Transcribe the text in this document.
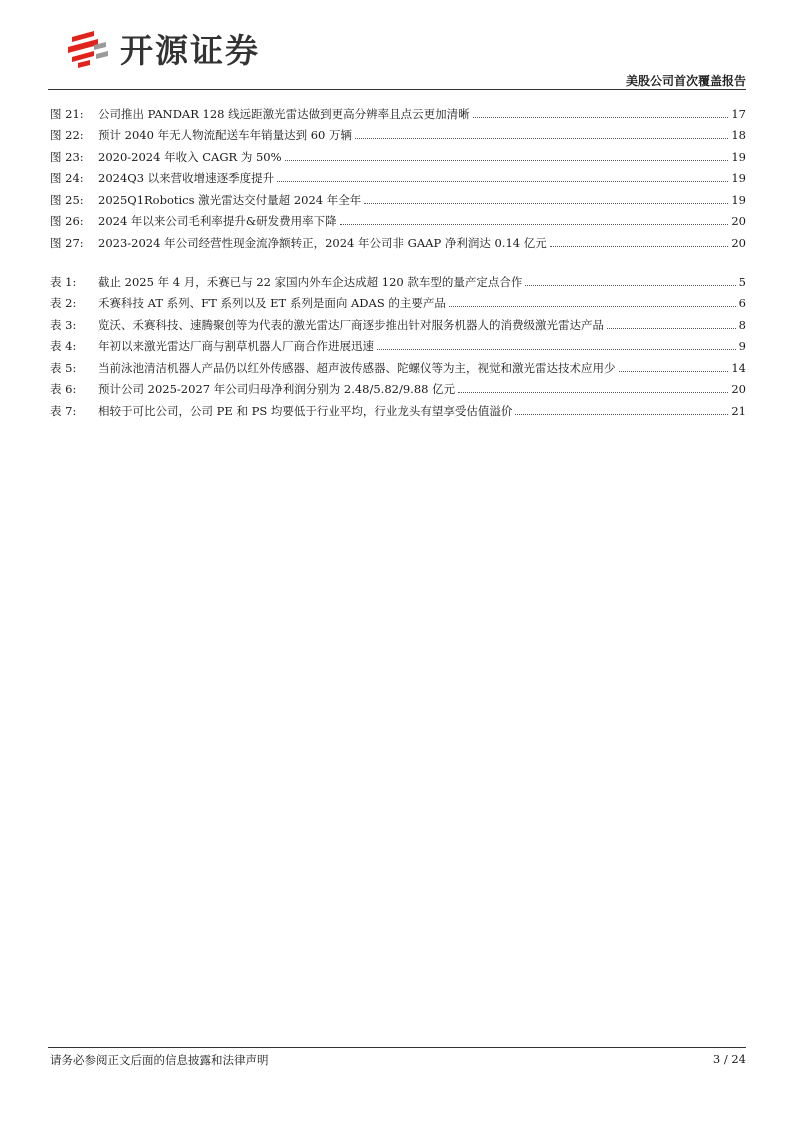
开源证券
美股公司首次覆盖报告
图 21:	公司推出 PANDAR 128 线远距激光雷达做到更高分辨率且点云更加清晰	17
图 22:	预计 2040 年无人物流配送车年销量达到 60 万辆	18
图 23:	2020-2024 年收入 CAGR 为 50%	19
图 24:	2024Q3 以来营收增速逐季度提升	19
图 25:	2025Q1Robotics 激光雷达交付量超 2024 年全年	19
图 26:	2024 年以来公司毛利率提升&研发费用率下降	20
图 27:	2023-2024 年公司经营性现金流净额转正，2024 年公司非 GAAP 净利润达 0.14 亿元	20
表 1:	截止 2025 年 4 月，禾赛已与 22 家国内外车企达成超 120 款车型的量产定点合作	5
表 2:	禾赛科技 AT 系列、FT 系列以及 ET 系列是面向 ADAS 的主要产品	6
表 3:	览沃、禾赛科技、速腾聚创等为代表的激光雷达厂商逐步推出针对服务机器人的消费级激光雷达产品	8
表 4:	年初以来激光雷达厂商与割草机器人厂商合作进展迅速	9
表 5:	当前泳池清洁机器人产品仍以红外传感器、超声波传感器、陀螺仪等为主，视觉和激光雷达技术应用少	14
表 6:	预计公司 2025-2027 年公司归母净利润分别为 2.48/5.82/9.88 亿元	20
表 7:	相较于可比公司，公司 PE 和 PS 均要低于行业平均，行业龙头有望享受估值溢价	21
请务必参阅正文后面的信息披露和法律声明	3 / 24
